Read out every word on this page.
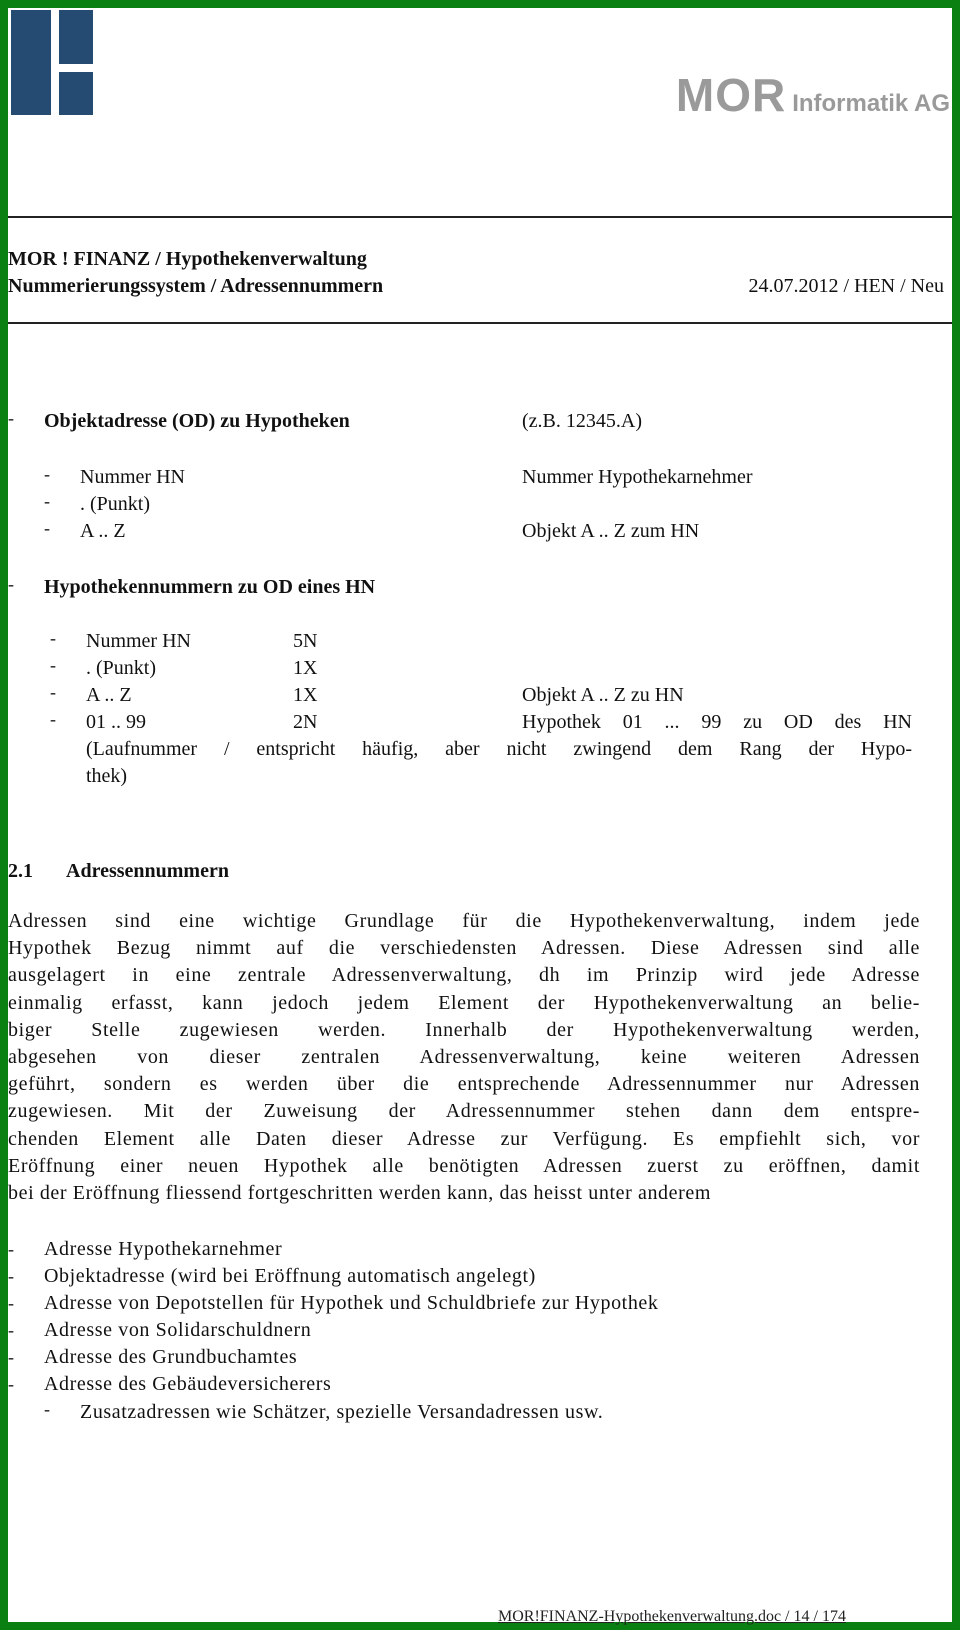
MOR Informatik AG
MOR ! FINANZ / Hypothekenverwaltung
Nummerierungssystem / Adressennummern	24.07.2012 / HEN / Neu
- Objektadresse (OD) zu Hypotheken	(z.B. 12345.A)
- Nummer HN	Nummer Hypothekarnehmer
- . (Punkt)
- A .. Z	Objekt A .. Z zum HN
- Hypothekennummern zu OD eines HN
- Nummer HN	5N
- . (Punkt)	1X
- A .. Z	1X	Objekt A .. Z zu HN
- 01 .. 99	2N	Hypothek 01 ... 99 zu OD des HN
(Laufnummer / entspricht häufig, aber nicht zwingend dem Rang der Hypo-
thek)
2.1 Adressennummern
Adressen sind eine wichtige Grundlage für die Hypothekenverwaltung, indem jede
Hypothek Bezug nimmt auf die verschiedensten Adressen. Diese Adressen sind alle
ausgelagert in eine zentrale Adressenverwaltung, dh im Prinzip wird jede Adresse
einmalig erfasst, kann jedoch jedem Element der Hypothekenverwaltung an belie-
biger Stelle zugewiesen werden. Innerhalb der Hypothekenverwaltung werden,
abgesehen von dieser zentralen Adressenverwaltung, keine weiteren Adressen
geführt, sondern es werden über die entsprechende Adressennummer nur Adressen
zugewiesen. Mit der Zuweisung der Adressennummer stehen dann dem entspre-
chenden Element alle Daten dieser Adresse zur Verfügung. Es empfiehlt sich, vor
Eröffnung einer neuen Hypothek alle benötigten Adressen zuerst zu eröffnen, damit
bei der Eröffnung fliessend fortgeschritten werden kann, das heisst unter anderem
- Adresse Hypothekarnehmer
- Objektadresse (wird bei Eröffnung automatisch angelegt)
- Adresse von Depotstellen für Hypothek und Schuldbriefe zur Hypothek
- Adresse von Solidarschuldnern
- Adresse des Grundbuchamtes
- Adresse des Gebäudeversicherers
- Zusatzadressen wie Schätzer, spezielle Versandadressen usw.
MOR!FINANZ-Hypothekenverwaltung.doc / 14 / 174
